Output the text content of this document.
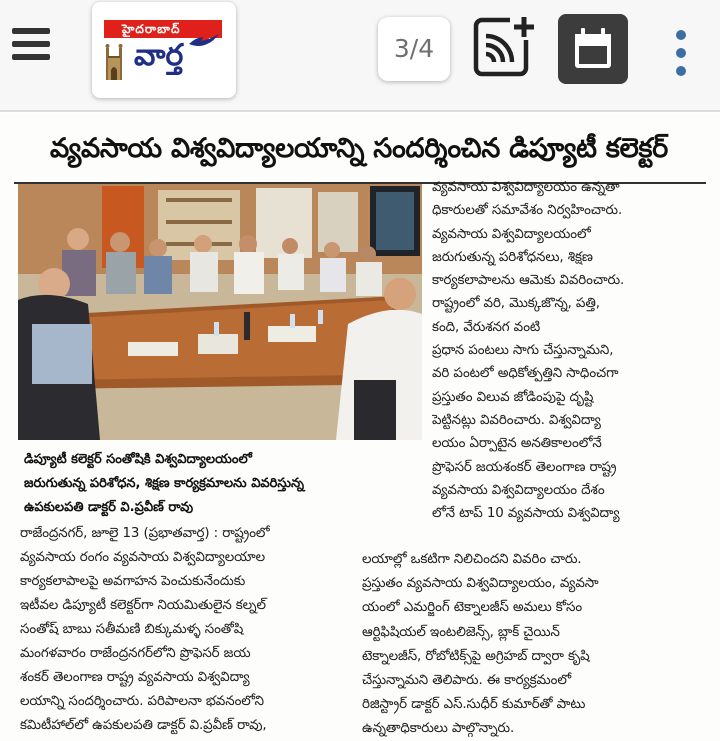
హైదరాబాద్
వార్త	3/4
వ్యవసాయ విశ్వవిద్యాలయాన్ని సందర్శించిన డిప్యూటీ కలెక్టర్
డిప్యూటీ కలెక్టర్ సంతోషికి విశ్వవిద్యాలయంలో
జరుగుతున్న పరిశోధన, శిక్షణ కార్యక్రమాలను వివరిస్తున్న
ఉపకులపతి డాక్టర్ వి.ప్రవీణ్ రావు
వ్యవసాయ విశ్వవిద్యాలయం ఉన్నతా
ధికారులతో సమావేశం నిర్వహించారు.
వ్యవసాయ విశ్వవిద్యాలయంలో
జరుగుతున్న పరిశోధనలు, శిక్షణ
కార్యకలాపాలను ఆమెకు వివరించారు.
రాష్ట్రంలో వరి, మొక్కజొన్న, పత్తి,
కంది, వేరుశనగ వంటి
ప్రధాన పంటలు సాగు చేస్తున్నామని,
వరి పంటలో అధికోత్పత్తిని సాధించగా
ప్రస్తుతం విలువ జోడింపుపై దృష్టి
పెట్టినట్లు వివరించారు. విశ్వవిద్యా
లయం ఏర్పాటైన అనతికాలంలోనే
ప్రొఫెసర్ జయశంకర్ తెలంగాణ రాష్ట్ర
వ్యవసాయ విశ్వవిద్యాలయం దేశం
లోనే టాప్ 10 వ్యవసాయ విశ్వవిద్యా
రాజేంద్రనగర్, జూలై 13 (ప్రభాతవార్త) : రాష్ట్రంలో
వ్యవసాయ రంగం వ్యవసాయ విశ్వవిద్యాలయాల
కార్యకలాపాలపై అవగాహన పెంచుకునేందుకు
ఇటీవల డిప్యూటీ కలెక్టర్‌గా నియమితులైన కల్నల్
సంతోష్ బాబు సతీమణి బిక్కుమళ్ళ సంతోషి
మంగళవారం రాజేంద్రనగర్‌లోని ప్రొఫెసర్ జయ
శంకర్ తెలంగాణ రాష్ట్ర వ్యవసాయ విశ్వవిద్యా
లయాన్ని సందర్శించారు. పరిపాలనా భవనంలోని
కమిటీహాల్‌లో ఉపకులపతి డాక్టర్ వి.ప్రవీణ్ రావు,
లయాల్లో ఒకటిగా నిలిచిందని వివరిం చారు.
ప్రస్తుతం వ్యవసాయ విశ్వవిద్యాలయం, వ్యవసా
యంలో ఎమర్జింగ్ టెక్నాలజీస్ అమలు కోసం
ఆర్టిఫిషియల్ ఇంటలిజెన్స్, బ్లాక్ చైయిన్
టెక్నాలజీస్, రోబోటిక్స్‌పై అగ్రిహబ్ ద్వారా కృషి
చేస్తున్నామని తెలిపారు. ఈ కార్యక్రమంలో
రిజిస్ట్రార్ డాక్టర్ ఎస్.సుధీర్ కుమార్‌తో పాటు
ఉన్నతాధికారులు పాల్గొన్నారు.
